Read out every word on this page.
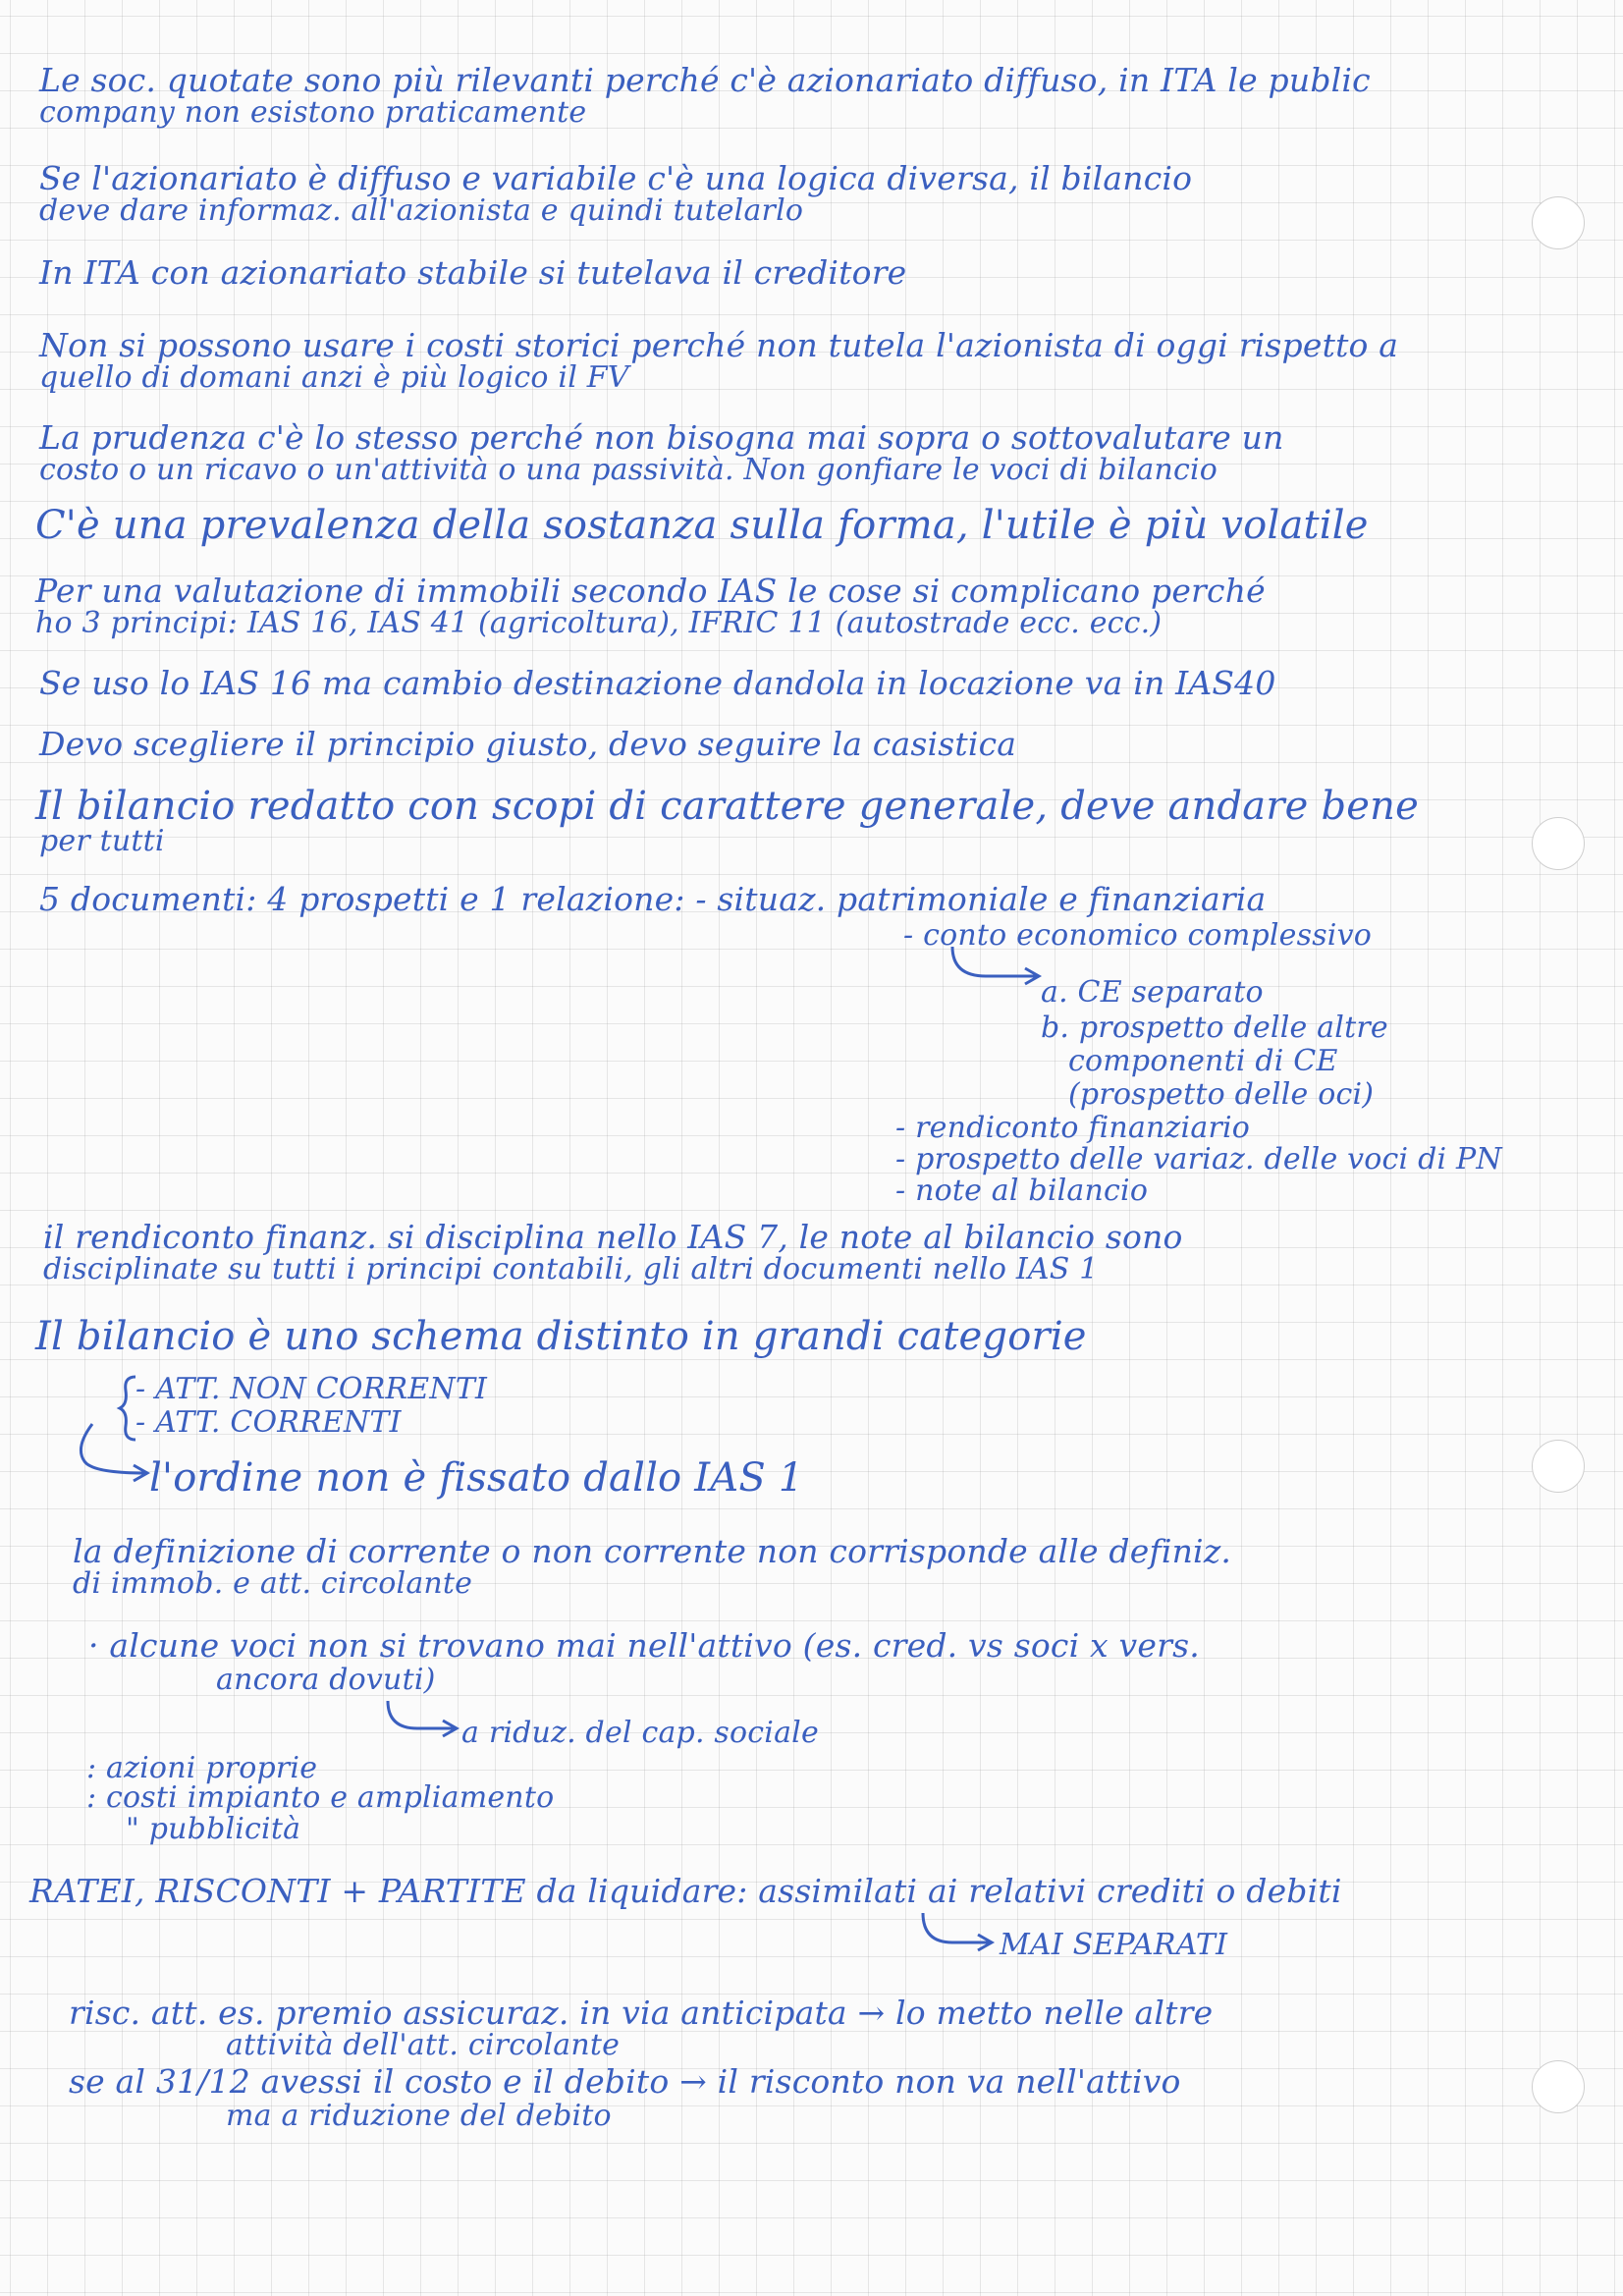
Le soc. quotate sono più rilevanti perché c'è azionariato diffuso, in ITA le public

company non esistono praticamente

Se l'azionariato è diffuso e variabile c'è una logica diversa, il bilancio

deve dare informaz. all'azionista e quindi tutelarlo

In ITA con azionariato stabile si tutelava il creditore

Non si possono usare i costi storici perché non tutela l'azionista di oggi rispetto a

quello di domani anzi è più logico il FV

La prudenza c'è lo stesso perché non bisogna mai sopra o sottovalutare un

costo o un ricavo o un'attività o una passività. Non gonfiare le voci di bilancio

C'è una prevalenza della sostanza sulla forma, l'utile è più volatile

Per una valutazione di immobili secondo IAS le cose si complicano perché

ho 3 principi: IAS 16, IAS 41 (agricoltura), IFRIC 11 (autostrade ecc. ecc.)

Se uso lo IAS 16 ma cambio destinazione dandola in locazione va in IAS40

Devo scegliere il principio giusto, devo seguire la casistica

Il bilancio redatto con scopi di carattere generale, deve andare bene

per tutti

5 documenti: 4 prospetti e 1 relazione: - situaz. patrimoniale e finanziaria

- conto economico complessivo

a. CE separato

b. prospetto delle altre

componenti di CE

(prospetto delle oci)

- rendiconto finanziario

- prospetto delle variaz. delle voci di PN

- note al bilancio

il rendiconto finanz. si disciplina nello IAS 7, le note al bilancio sono

disciplinate su tutti i principi contabili, gli altri documenti nello IAS 1

Il bilancio è uno schema distinto in grandi categorie

- ATT. NON CORRENTI

- ATT. CORRENTI

l'ordine non è fissato dallo IAS 1

la definizione di corrente o non corrente non corrisponde alle definiz.

di immob. e att. circolante

· alcune voci non si trovano mai nell'attivo (es. cred. vs soci x vers.

ancora dovuti)

a riduz. del cap. sociale

: azioni proprie

: costi impianto e ampliamento

" pubblicità

RATEI, RISCONTI + PARTITE da liquidare: assimilati ai relativi crediti o debiti

MAI SEPARATI

risc. att. es. premio assicuraz. in via anticipata → lo metto nelle altre

attività dell'att. circolante

se al 31/12 avessi il costo e il debito → il risconto non va nell'attivo

ma a riduzione del debito
